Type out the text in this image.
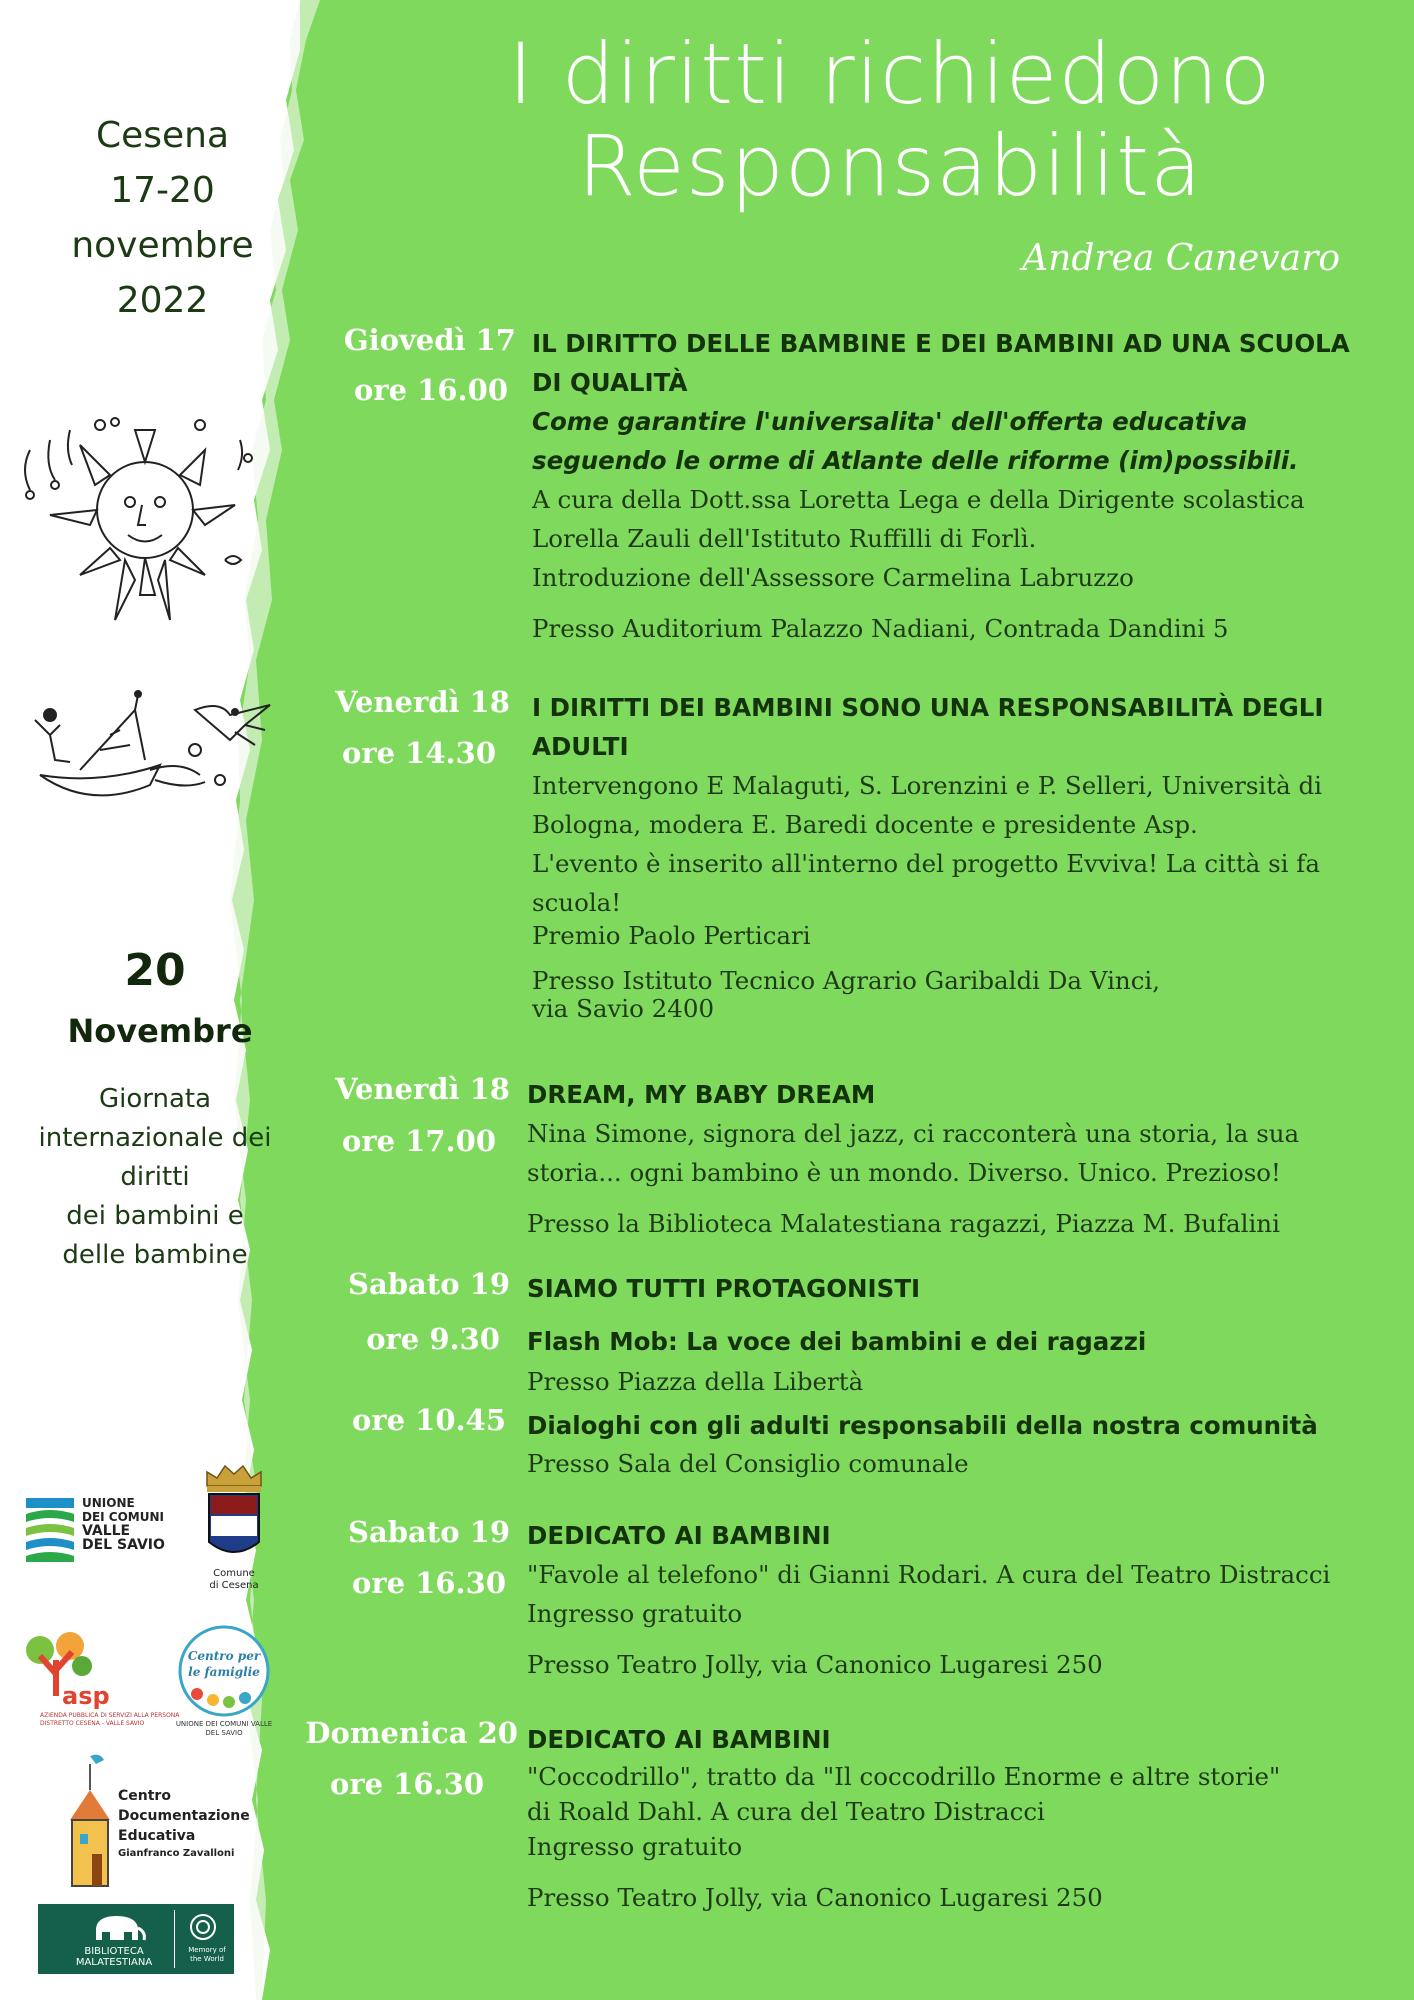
Cesena
17-20
novembre
2022
20
Novembre
Giornata
internazionale dei
diritti
dei bambini e
delle bambine
UNIONE
DEI COMUNI
VALLE
DEL SAVIO
Comune
di Cesena
asp
AZIENDA PUBBLICA DI SERVIZI ALLA PERSONA
DISTRETTO CESENA - VALLE SAVIO
Centro per
le famiglie
UNIONE DEI COMUNI VALLE DEL SAVIO
Centro
Documentazione
Educativa
Gianfranco Zavalloni
BIBLIOTECA
MALATESTIANA
Memory of
the World
I diritti richiedono
Responsabilità
Andrea Canevaro
Giovedì 17
ore 16.00
IL DIRITTO DELLE BAMBINE E DEI BAMBINI AD UNA SCUOLA
DI QUALITÀ
Come garantire l'universalita' dell'offerta educativa
seguendo le orme di Atlante delle riforme (im)possibili.
A cura della Dott.ssa Loretta Lega e della Dirigente scolastica
Lorella Zauli dell'Istituto Ruffilli di Forlì.
Introduzione dell'Assessore Carmelina Labruzzo
Presso Auditorium Palazzo Nadiani, Contrada Dandini 5
Venerdì 18
ore 14.30
I DIRITTI DEI BAMBINI SONO UNA RESPONSABILITÀ DEGLI
ADULTI
Intervengono E Malaguti, S. Lorenzini e P. Selleri, Università di
Bologna, modera E. Baredi docente e presidente Asp.
L'evento è inserito all'interno del progetto Evviva! La città si fa
scuola!
Premio Paolo Perticari
Presso Istituto Tecnico Agrario Garibaldi Da Vinci,
via Savio 2400
Venerdì 18
ore 17.00
DREAM, MY BABY DREAM
Nina Simone, signora del jazz, ci racconterà una storia, la sua
storia... ogni bambino è un mondo. Diverso. Unico. Prezioso!
Presso la Biblioteca Malatestiana ragazzi, Piazza M. Bufalini
Sabato 19
ore 9.30
ore 10.45
SIAMO TUTTI PROTAGONISTI
Flash Mob: La voce dei bambini e dei ragazzi
Presso Piazza della Libertà
Dialoghi con gli adulti responsabili della nostra comunità
Presso Sala del Consiglio comunale
Sabato 19
ore 16.30
DEDICATO AI BAMBINI
"Favole al telefono" di Gianni Rodari. A cura del Teatro Distracci
Ingresso gratuito
Presso Teatro Jolly, via Canonico Lugaresi 250
Domenica 20
ore 16.30
DEDICATO AI BAMBINI
"Coccodrillo", tratto da "Il coccodrillo Enorme e altre storie"
di Roald Dahl. A cura del Teatro Distracci
Ingresso gratuito
Presso Teatro Jolly, via Canonico Lugaresi 250
